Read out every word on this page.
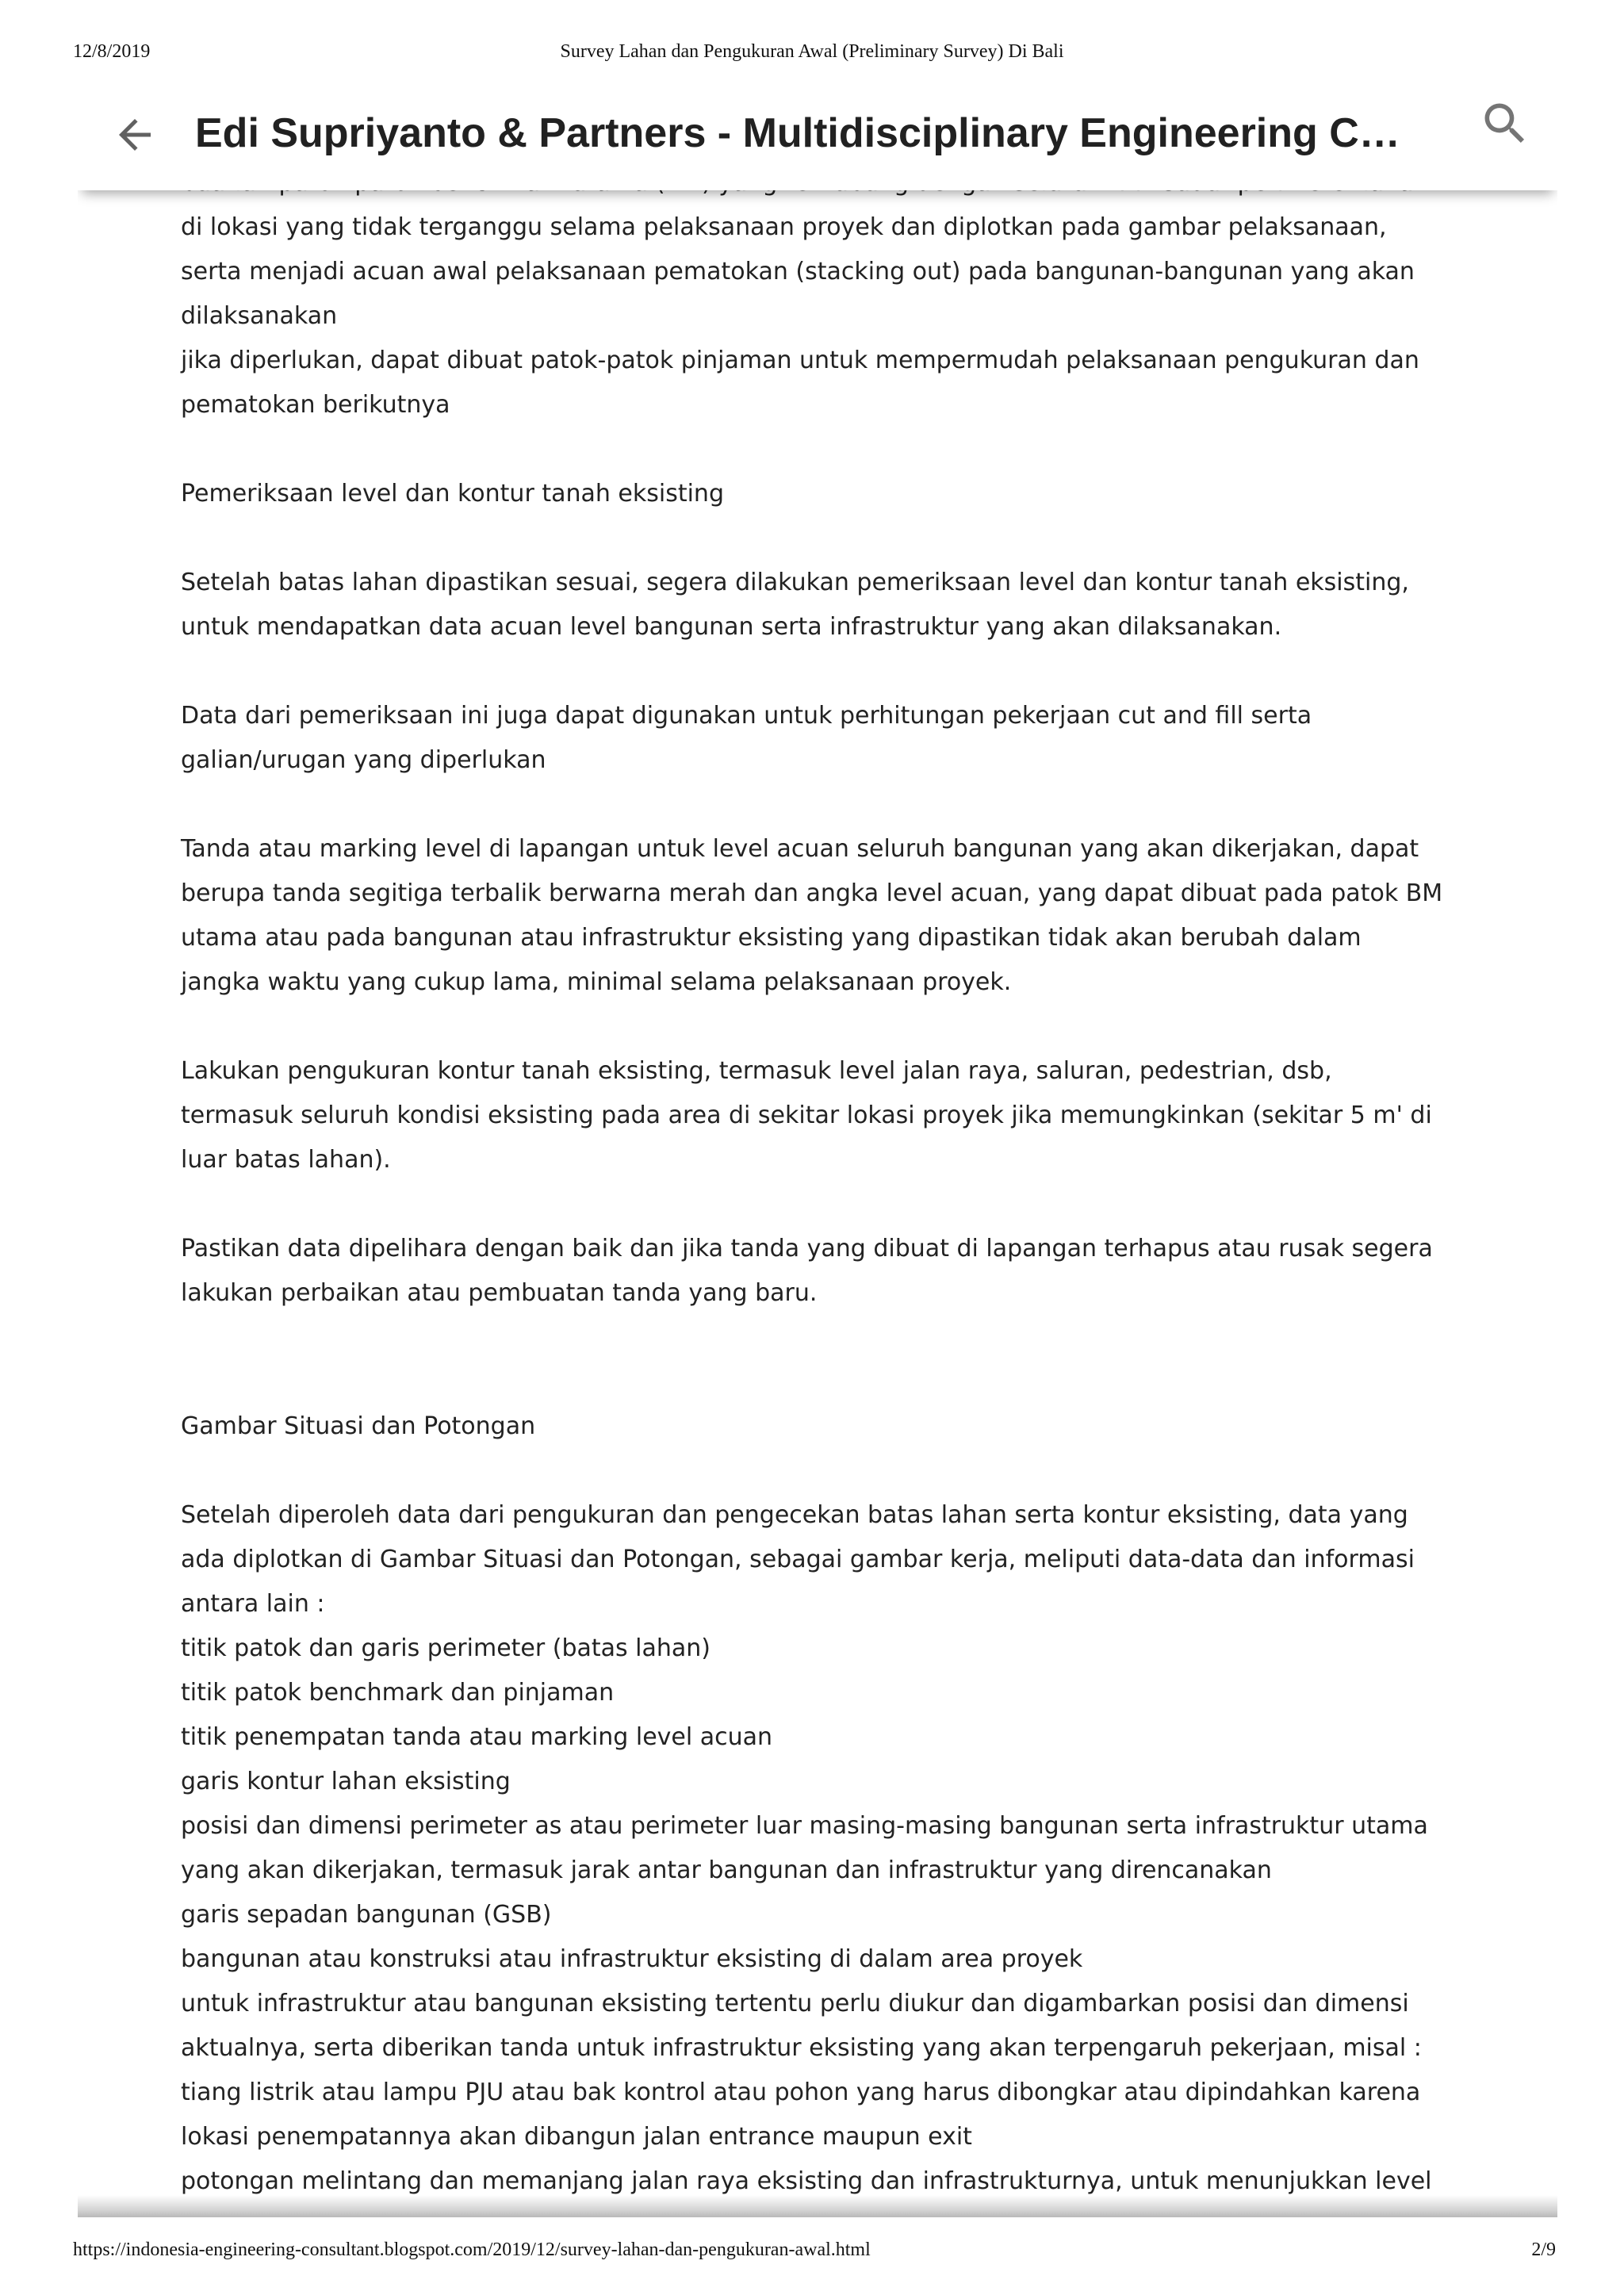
12/8/2019	Survey Lahan dan Pengukuran Awal (Preliminary Survey) Di Bali

di lokasi yang tidak terganggu selama pelaksanaan proyek dan diplotkan pada gambar pelaksanaan,

serta menjadi acuan awal pelaksanaan pematokan (stacking out) pada bangunan-bangunan yang akan

dilaksanakan

jika diperlukan, dapat dibuat patok-patok pinjaman untuk mempermudah pelaksanaan pengukuran dan

pematokan berikutnya

Pemeriksaan level dan kontur tanah eksisting

Setelah batas lahan dipastikan sesuai, segera dilakukan pemeriksaan level dan kontur tanah eksisting,

untuk mendapatkan data acuan level bangunan serta infrastruktur yang akan dilaksanakan.

Data dari pemeriksaan ini juga dapat digunakan untuk perhitungan pekerjaan cut and fill serta

galian/urugan yang diperlukan

Tanda atau marking level di lapangan untuk level acuan seluruh bangunan yang akan dikerjakan, dapat

berupa tanda segitiga terbalik berwarna merah dan angka level acuan, yang dapat dibuat pada patok BM

utama atau pada bangunan atau infrastruktur eksisting yang dipastikan tidak akan berubah dalam

jangka waktu yang cukup lama, minimal selama pelaksanaan proyek.

Lakukan pengukuran kontur tanah eksisting, termasuk level jalan raya, saluran, pedestrian, dsb,

termasuk seluruh kondisi eksisting pada area di sekitar lokasi proyek jika memungkinkan (sekitar 5 m' di

luar batas lahan).

Pastikan data dipelihara dengan baik dan jika tanda yang dibuat di lapangan terhapus atau rusak segera

lakukan perbaikan atau pembuatan tanda yang baru.

Gambar Situasi dan Potongan

Setelah diperoleh data dari pengukuran dan pengecekan batas lahan serta kontur eksisting, data yang

ada diplotkan di Gambar Situasi dan Potongan, sebagai gambar kerja, meliputi data-data dan informasi

antara lain :

titik patok dan garis perimeter (batas lahan)

titik patok benchmark dan pinjaman

titik penempatan tanda atau marking level acuan

garis kontur lahan eksisting

posisi dan dimensi perimeter as atau perimeter luar masing-masing bangunan serta infrastruktur utama

yang akan dikerjakan, termasuk jarak antar bangunan dan infrastruktur yang direncanakan

garis sepadan bangunan (GSB)

bangunan atau konstruksi atau infrastruktur eksisting di dalam area proyek

untuk infrastruktur atau bangunan eksisting tertentu perlu diukur dan digambarkan posisi dan dimensi

aktualnya, serta diberikan tanda untuk infrastruktur eksisting yang akan terpengaruh pekerjaan, misal :

tiang listrik atau lampu PJU atau bak kontrol atau pohon yang harus dibongkar atau dipindahkan karena

lokasi penempatannya akan dibangun jalan entrance maupun exit

potongan melintang dan memanjang jalan raya eksisting dan infrastrukturnya, untuk menunjukkan level

Edi Supriyanto & Partners - Multidisciplinary Engineering C…
https://indonesia-engineering-consultant.blogspot.com/2019/12/survey-lahan-dan-pengukuran-awal.html	2/9
